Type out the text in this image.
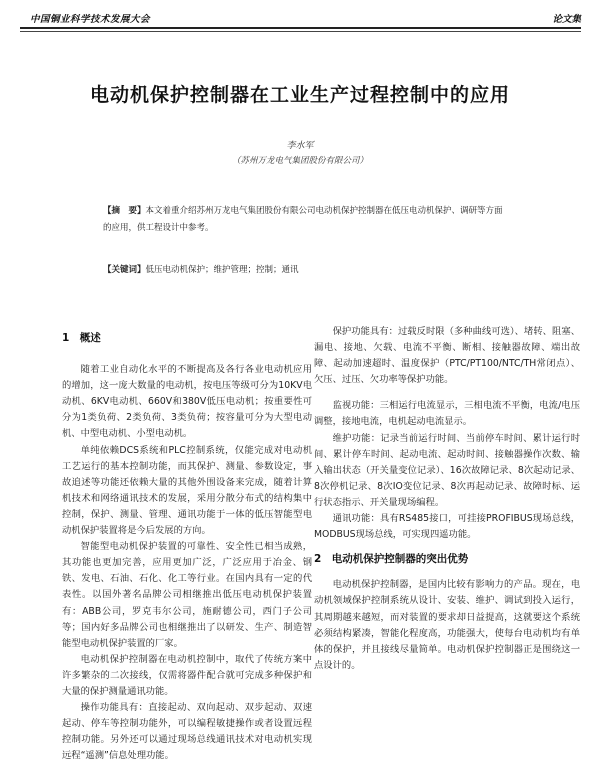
中国铜业科学技术发展大会	论文集
电动机保护控制器在工业生产过程控制中的应用
李水军
（苏州万龙电气集团股份有限公司）
【摘　要】本文着重介绍苏州万龙电气集团股份有限公司电动机保护控制器在低压电动机保护、调研等方面的应用，供工程设计中参考。
【关键词】低压电动机保护；维护管理；控制；通讯
1　概述

随着工业自动化水平的不断提高及各行各业电动机应用的增加，这一庞大数量的电动机，按电压等级可分为10KV电动机、6KV电动机、660V和380V低压电动机；按重要性可分为1类负荷、2类负荷、3类负荷；按容量可分为大型电动机、中型电动机、小型电动机。

单纯依赖DCS系统和PLC控制系统，仅能完成对电动机工艺运行的基本控制功能，而其保护、测量、参数设定，事故追述等功能还依赖大量的其他外围设备来完成，随着计算机技术和网络通讯技术的发展，采用分散分布式的结构集中控制，保护、测量、管理、通讯功能于一体的低压智能型电动机保护装置将是今后发展的方向。

智能型电动机保护装置的可靠性、安全性已相当成熟，其功能也更加完善，应用更加广泛，广泛应用于冶金、钢铁、发电、石油、石化、化工等行业。在国内具有一定的代表性。以国外著名品牌公司相继推出低压电动机保护装置有：ABB公司，罗克韦尔公司，施耐德公司，西门子公司等；国内好多品牌公司也相继推出了以研发、生产、制造智能型电动机保护装置的厂家。

电动机保护控制器在电动机控制中，取代了传统方案中许多繁杂的二次接线，仅需将器件配合就可完成多种保护和大量的保护测量通讯功能。

操作功能具有：直接起动、双向起动、双步起动、双速起动、停车等控制功能外，可以编程敏捷操作或者设置远程控制功能。另外还可以通过现场总线通讯技术对电动机实现远程“遥测”信息处理功能。

保护功能具有：过载反时限（多种曲线可选）、堵转、阻塞、漏电、接地、欠载、电流不平衡、断相、接触器故障、端出故障、起动加速超时、温度保护（PTC/PT100/NTC/TH常闭点）、欠压、过压、欠功率等保护功能。

监视功能：三相运行电流显示，三相电流不平衡，电流/电压调整，接地电流，电机起动电流显示。

维护功能：记录当前运行时间、当前停车时间、累计运行时间、累计停车时间、起动电流、起动时间、接触器操作次数、输入输出状态（开关量变位记录）、16次故障记录、8次起动记录、8次停机记录、8次IO变位记录、8次再起动记录、故障时标、运行状态指示、开关量现场编程。

通讯功能：具有RS485接口，可挂接PROFIBUS现场总线，MODBUS现场总线，可实现四遥功能。

2　电动机保护控制器的突出优势

电动机保护控制器，是国内比较有影响力的产品。现在，电动机领域保护控制系统从设计、安装、维护、调试到投入运行，其周期越来越短，而对装置的要求却日益提高，这就要这个系统必须结构紧凑，智能化程度高，功能强大，使每台电动机均有单体的保护，并且接线尽量简单。电动机保护控制器正是围绕这一点设计的。
